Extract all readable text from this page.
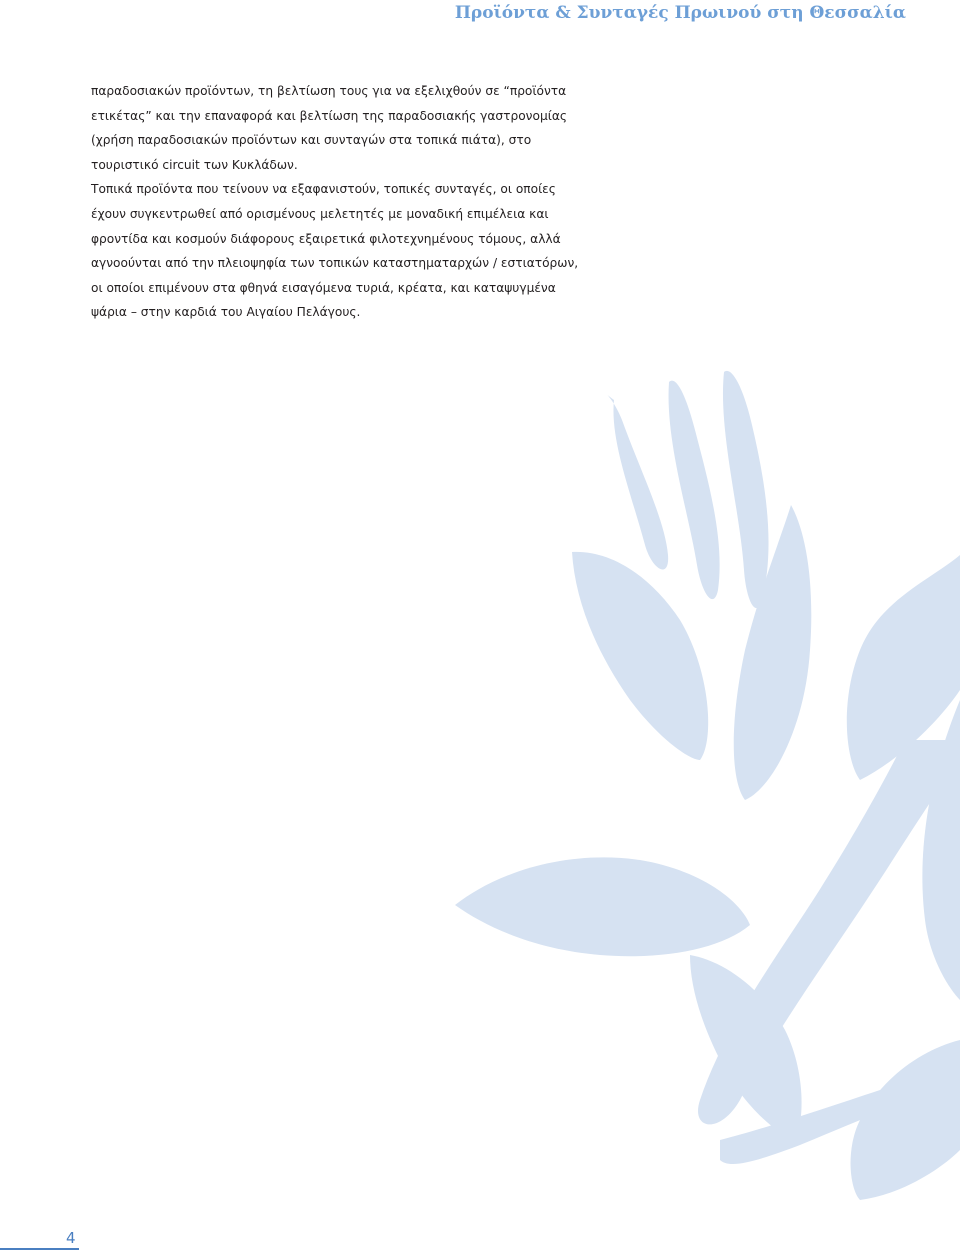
Προϊόντα & Συνταγές Πρωινού στη Θεσσαλία

παραδοσιακών προϊόντων, τη βελτίωση τους για να εξελιχθούν σε “προϊόντα
ετικέτας” και την επαναφορά και βελτίωση της παραδοσιακής γαστρονομίας
(χρήση παραδοσιακών προϊόντων και συνταγών στα τοπικά πιάτα), στο
τουριστικό circuit των Κυκλάδων.

Τοπικά προϊόντα που τείνουν να εξαφανιστούν, τοπικές συνταγές, οι οποίες
έχουν συγκεντρωθεί από ορισμένους μελετητές με μοναδική επιμέλεια και
φροντίδα και κοσμούν διάφορους εξαιρετικά φιλοτεχνημένους τόμους, αλλά
αγνοούνται από την πλειοψηφία των τοπικών καταστηματαρχών / εστιατόρων,
οι οποίοι επιμένουν στα φθηνά εισαγόμενα τυριά, κρέατα, και καταψυγμένα
ψάρια – στην καρδιά του Αιγαίου Πελάγους.

4
